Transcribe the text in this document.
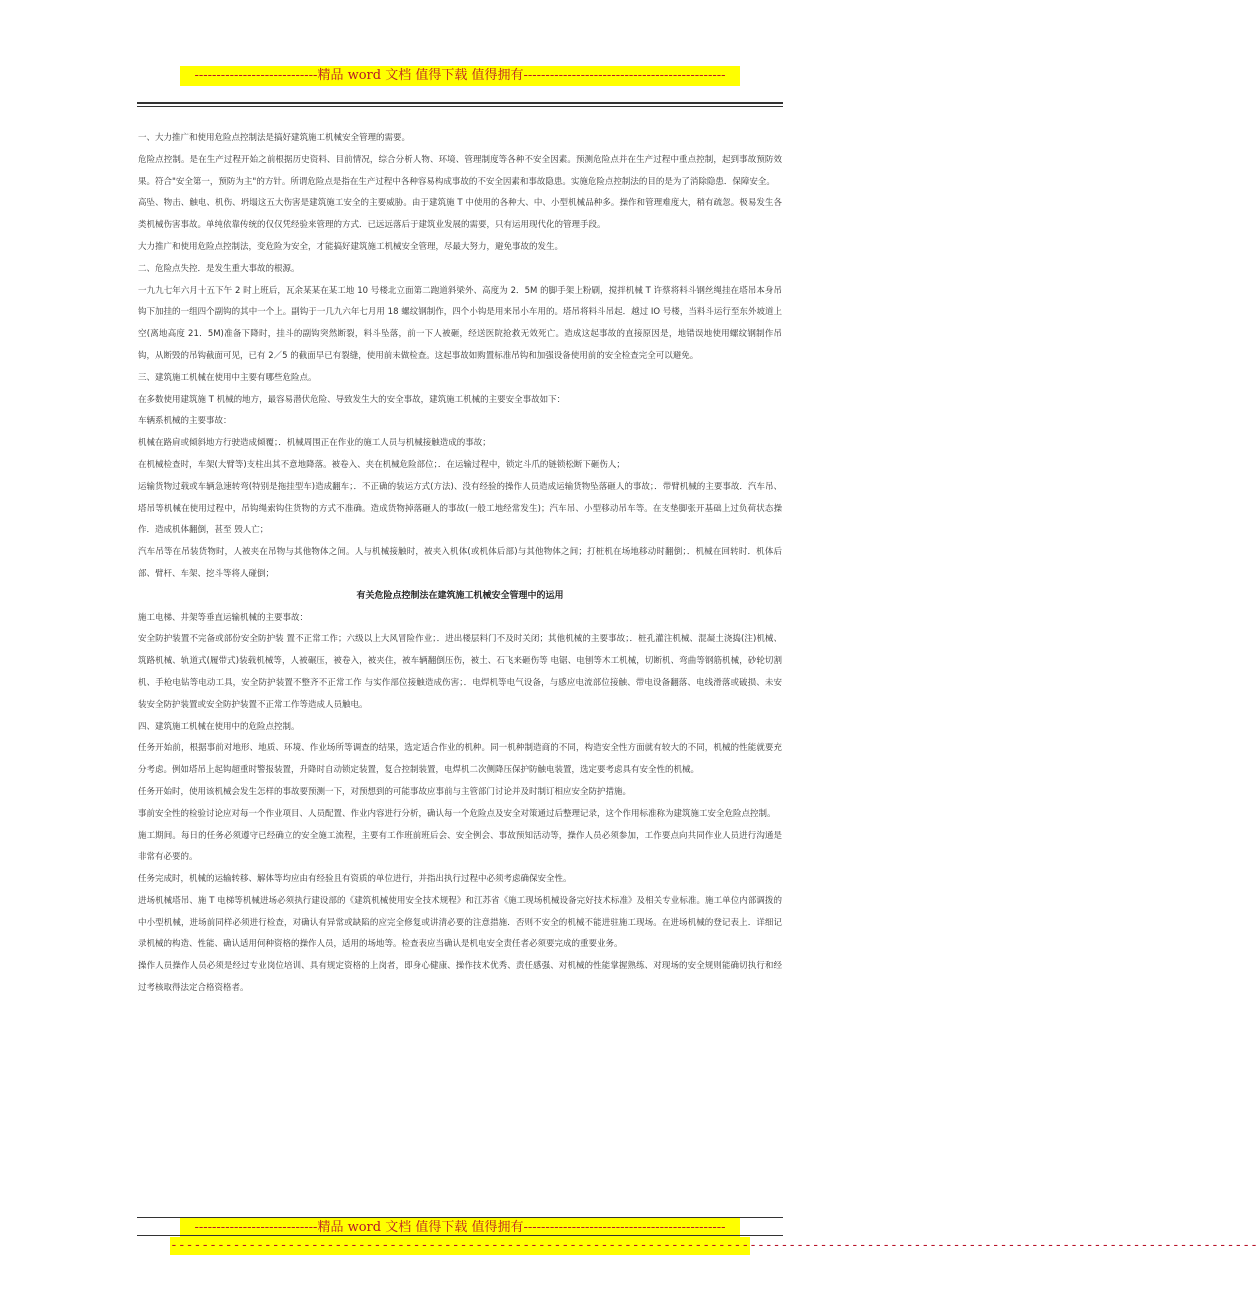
----------------------------精品 word 文档 值得下载 值得拥有----------------------------------------------

一、大力推广和使用危险点控制法是搞好建筑施工机械安全管理的需要。

危险点控制。是在生产过程开始之前根据历史资料、目前情况，综合分析人物、环境、管理制度等各种不安全因素。预测危险点并在生产过程中重点控制，起到事故预防效果。符合"安全第一，预防为主"的方针。所谓危险点是指在生产过程中各种容易构成事故的不安全因素和事故隐患。实施危险点控制法的目的是为了消除隐患．保障安全。

高坠、物击、触电、机伤、坍塌这五大伤害是建筑施工安全的主要威胁。由于建筑施 T 中使用的各种大、中、小型机械品种多。操作和管理难度大，稍有疏忽。极易发生各类机械伤害事故。单纯依靠传统的仅仅凭经验来管理的方式．已远远落后于建筑业发展的需要，只有运用现代化的管理手段。

大力推广和使用危险点控制法，变危险为安全，才能搞好建筑施工机械安全管理，尽最大努力，避免事故的发生。

二、危险点失控．是发生重大事故的根源。

一九九七年六月十五下午 2 时上班后，瓦余某某在某工地 10 号楼北立面第二跑道斜梁外、高度为 2．5M 的脚手架上粉刷，搅拌机械 T 许蔡将料斗钢丝绳挂在塔吊本身吊钩下加挂的一组四个副钩的其中一个上。副钩于一几九六年七月用 18 螺纹钢制作，四个小钩是用来吊小车用的。塔吊将料斗吊起．越过 IO 号楼，当料斗运行至东外坡道上空(离地高度 21．5M)准备下降时，挂斗的副钩突然断裂，料斗坠落，前一下人被砸，经送医院抢救无效死亡。造成这起事故的直接原因是，地错误地使用螺纹钢制作吊钩，从断毁的吊钩截面可见，已有 2／5 的截面早已有裂缝，使用前未做检查。这起事故如购置标准吊钩和加强设备使用前的安全检查完全可以避免。

三、建筑施工机械在使用中主要有哪些危险点。

在多数使用建筑施 T 机械的地方，最容易潜伏危险、导致发生大的安全事故，建筑施工机械的主要安全事故如下：

车辆系机械的主要事故：

机械在路肩或倾斜地方行驶造成倾覆；．机械周围正在作业的施工人员与机械接触造成的事故；

在机械检查时，车架(大臂等)支柱出其不意地降落。被卷入、夹在机械危险部位；．在运输过程中，锁定斗爪的链锁松断下砸伤人；

运输货物过载或车辆急速转弯(特别是拖挂型车)造成翻车；．不正确的装运方式(方法)、没有经验的操作人员造成运输货物坠落砸人的事故；．带臂机械的主要事故．汽车吊、塔吊等机械在使用过程中，吊钩绳索钩住货物的方式不准确。造成货物掉落砸人的事故(一般工地经常发生)；汽车吊、小型移动吊车等。在支垫脚张开基础上过负荷状态操作．造成机体翻倒，甚至 毁人亡；

汽车吊等在吊装货物时，人被夹在吊物与其他物体之间。人与机械接触时，被夹入机体(或机体后部)与其他物体之间；打桩机在场地移动时翻倒；．机械在回转时．机体后部、臂杆、车架、挖斗等将人碰倒；

有关危险点控制法在建筑施工机械安全管理中的运用

施工电梯、井架等垂直运输机械的主要事故：

安全防护装置不完备或部份安全防护装 置不正常工作；六级以上大风冒险作业；．进出楼层料门不及时关闭；其他机械的主要事故；．桩孔灌注机械、混凝土浇捣(注)机械、筑路机械、轨道式(履带式)装载机械等，人被碾压，被卷入，被夹住，被车辆翻倒压伤，被土、石飞来砸伤等 电锯、电刨等木工机械，切断机、弯曲等钢筋机械，砂轮切割机、手枪电钻等电动工具，安全防护装置不整齐不正常工作 与实作部位接触造成伤害；．电焊机等电气设备，与感应电流部位接触、带电设备翻落、电线滑落或破损、未安装安全防护装置或安全防护装置不正常工作等造成人员触电。

四、建筑施工机械在使用中的危险点控制。

任务开始前，根据事前对地形、地质、环境、作业场所等调查的结果，选定适合作业的机种。同一机种制造商的不同，构造安全性方面就有较大的不同，机械的性能就要充分考虑。例如塔吊上起钩超重时警报装置，升降时自动锁定装置，复合控制装置，电焊机二次侧降压保护防触电装置，选定要考虑具有安全性的机械。

任务开始时，使用该机械会发生怎样的事故要预测一下，对预想到的可能事故应事前与主管部门讨论并及时制订相应安全防护措施。

事前安全性的检验讨论应对每一个作业项目、人员配置、作业内容进行分析，确认每一个危险点及安全对策通过后整理记录，这个作用标准称为建筑施工安全危险点控制。

施工期间。每日的任务必须遵守已经确立的安全施工流程，主要有工作班前班后会、安全例会、事故预知活动等，操作人员必须参加，工作要点向共同作业人员进行沟通是非常有必要的。

任务完成时，机械的运输转移、解体等均应由有经验且有资质的单位进行，并指出执行过程中必须考虑确保安全性。

进场机械塔吊、施 T 电梯等机械进场必须执行建设部的《建筑机械使用安全技术规程》和江苏省《施工现场机械设备完好技术标准》及相关专业标准。施工单位内部调拨的中小型机械，进场前同样必须进行检查，对确认有异常或缺陷的应完全修复或讲清必要的注意措施．否则不安全的机械不能进驻施工现场。在进场机械的登记表上．详细记录机械的构造、性能、确认适用何种资格的操作人员，适用的场地等。检查表应当确认是机电安全责任者必须要完成的重要业务。

操作人员操作人员必须是经过专业岗位培训、具有规定资格的上岗者，即身心健康、操作技术优秀、责任感强、对机械的性能掌握熟练、对现场的安全规则能确切执行和经过考核取得法定合格资格者。

----------------------------精品 word 文档 值得下载 值得拥有----------------------------------------------
-------------------------------------------------------------------------------------------------------------------------------------------
